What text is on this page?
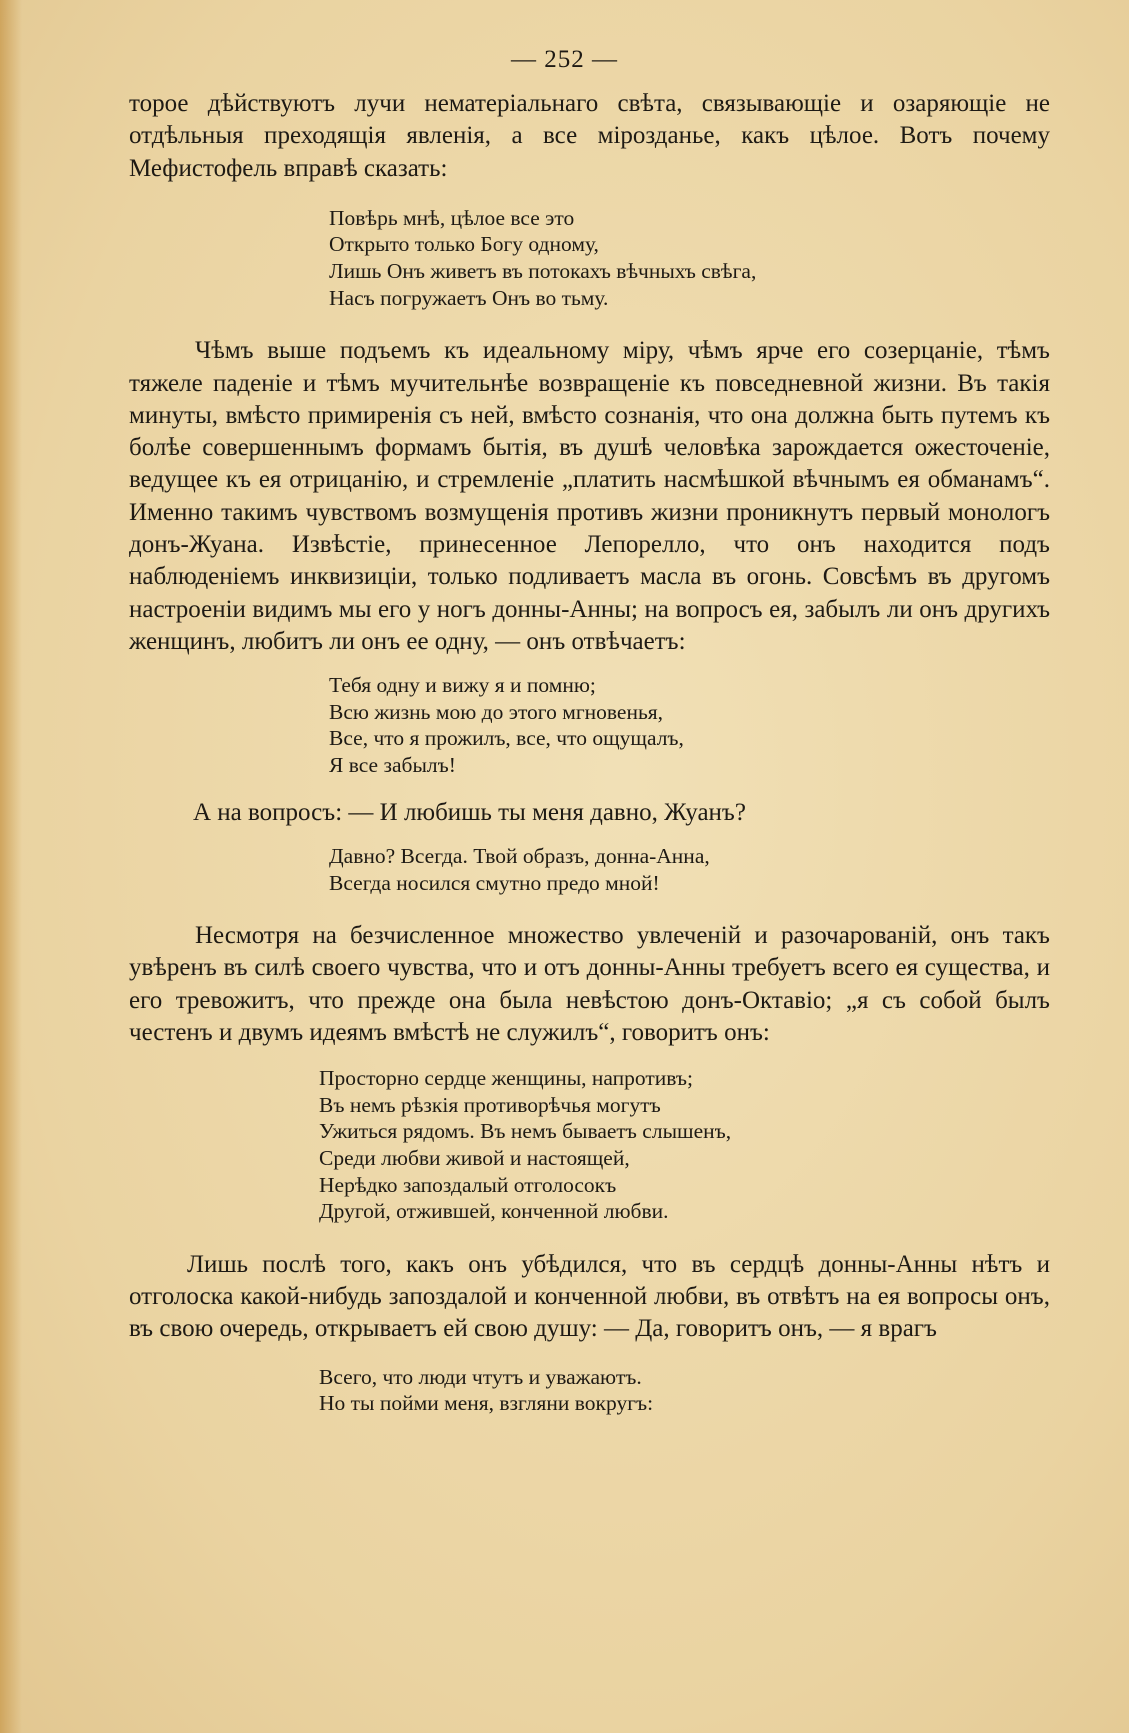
— 252 —

торое дѣйствуютъ лучи нематеріальнаго свѣта, связывающіе и озаряющіе не отдѣльныя преходящія явленія, а все мірозданье, какъ цѣлое. Вотъ почему Мефистофель вправѣ сказать:

Повѣрь мнѣ, цѣлое все это
Открыто только Богу одному,
Лишь Онъ живетъ въ потокахъ вѣчныхъ свѣга,
Насъ погружаетъ Онъ во тьму.

Чѣмъ выше подъемъ къ идеальному міру, чѣмъ ярче его созерцаніе, тѣмъ тяжеле паденіе и тѣмъ мучительнѣе возвращеніе къ повседневной жизни. Въ такія минуты, вмѣсто примиренія съ ней, вмѣсто сознанія, что она должна быть путемъ къ болѣе совершеннымъ формамъ бытія, въ душѣ человѣка зарождается ожесточеніе, ведущее къ ея отрицанію, и стремленіе „платить насмѣшкой вѣчнымъ ея обманамъ“. Именно такимъ чувствомъ возмущенія противъ жизни проникнутъ первый монологъ донъ-Жуана. Извѣстіе, принесенное Лепорелло, что онъ находится подъ наблюденіемъ инквизиціи, только подливаетъ масла въ огонь. Совсѣмъ въ другомъ настроеніи видимъ мы его у ногъ донны-Анны; на вопросъ ея, забылъ ли онъ другихъ женщинъ, любитъ ли онъ ее одну, — онъ отвѣчаетъ:

Тебя одну и вижу я и помню;
Всю жизнь мою до этого мгновенья,
Все, что я прожилъ, все, что ощущалъ,
Я все забылъ!

А на вопросъ: — И любишь ты меня давно, Жуанъ?

Давно? Всегда. Твой образъ, донна-Анна,
Всегда носился смутно предо мной!

Несмотря на безчисленное множество увлеченій и разочарованій, онъ такъ увѣренъ въ силѣ своего чувства, что и отъ донны-Анны требуетъ всего ея существа, и его тревожитъ, что прежде она была невѣстою донъ-Октавіо; „я съ собой былъ честенъ и двумъ идеямъ вмѣстѣ не служилъ“, говоритъ онъ:

Просторно сердце женщины, напротивъ;
Въ немъ рѣзкія противорѣчья могутъ
Ужиться рядомъ. Въ немъ бываетъ слышенъ,
Среди любви живой и настоящей,
Нерѣдко запоздалый отголосокъ
Другой, отжившей, конченной любви.

Лишь послѣ того, какъ онъ убѣдился, что въ сердцѣ донны-Анны нѣтъ и отголоска какой-нибудь запоздалой и конченной любви, въ отвѣтъ на ея вопросы онъ, въ свою очередь, открываетъ ей свою душу: — Да, говоритъ онъ, — я врагъ

Всего, что люди чтутъ и уважаютъ.
Но ты пойми меня, взгляни вокругъ:
